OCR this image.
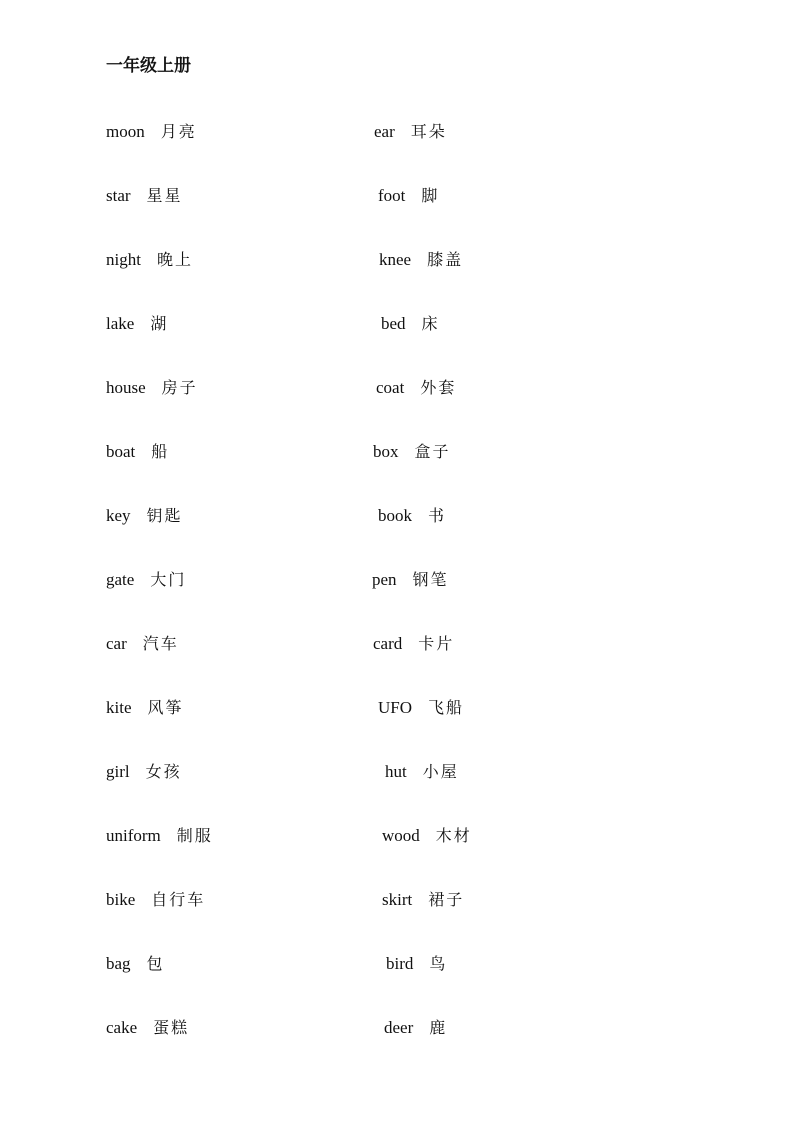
一年级上册
moon 月亮	ear 耳朵
star 星星	foot 脚
night 晚上	knee 膝盖
lake 湖	bed 床
house 房子	coat 外套
boat 船	box 盒子
key 钥匙	book 书
gate 大门	pen 钢笔
car 汽车	card 卡片
kite 风筝	UFO 飞船
girl 女孩	hut 小屋
uniform 制服	wood 木材
bike 自行车	skirt 裙子
bag 包	bird 鸟
cake 蛋糕	deer 鹿
